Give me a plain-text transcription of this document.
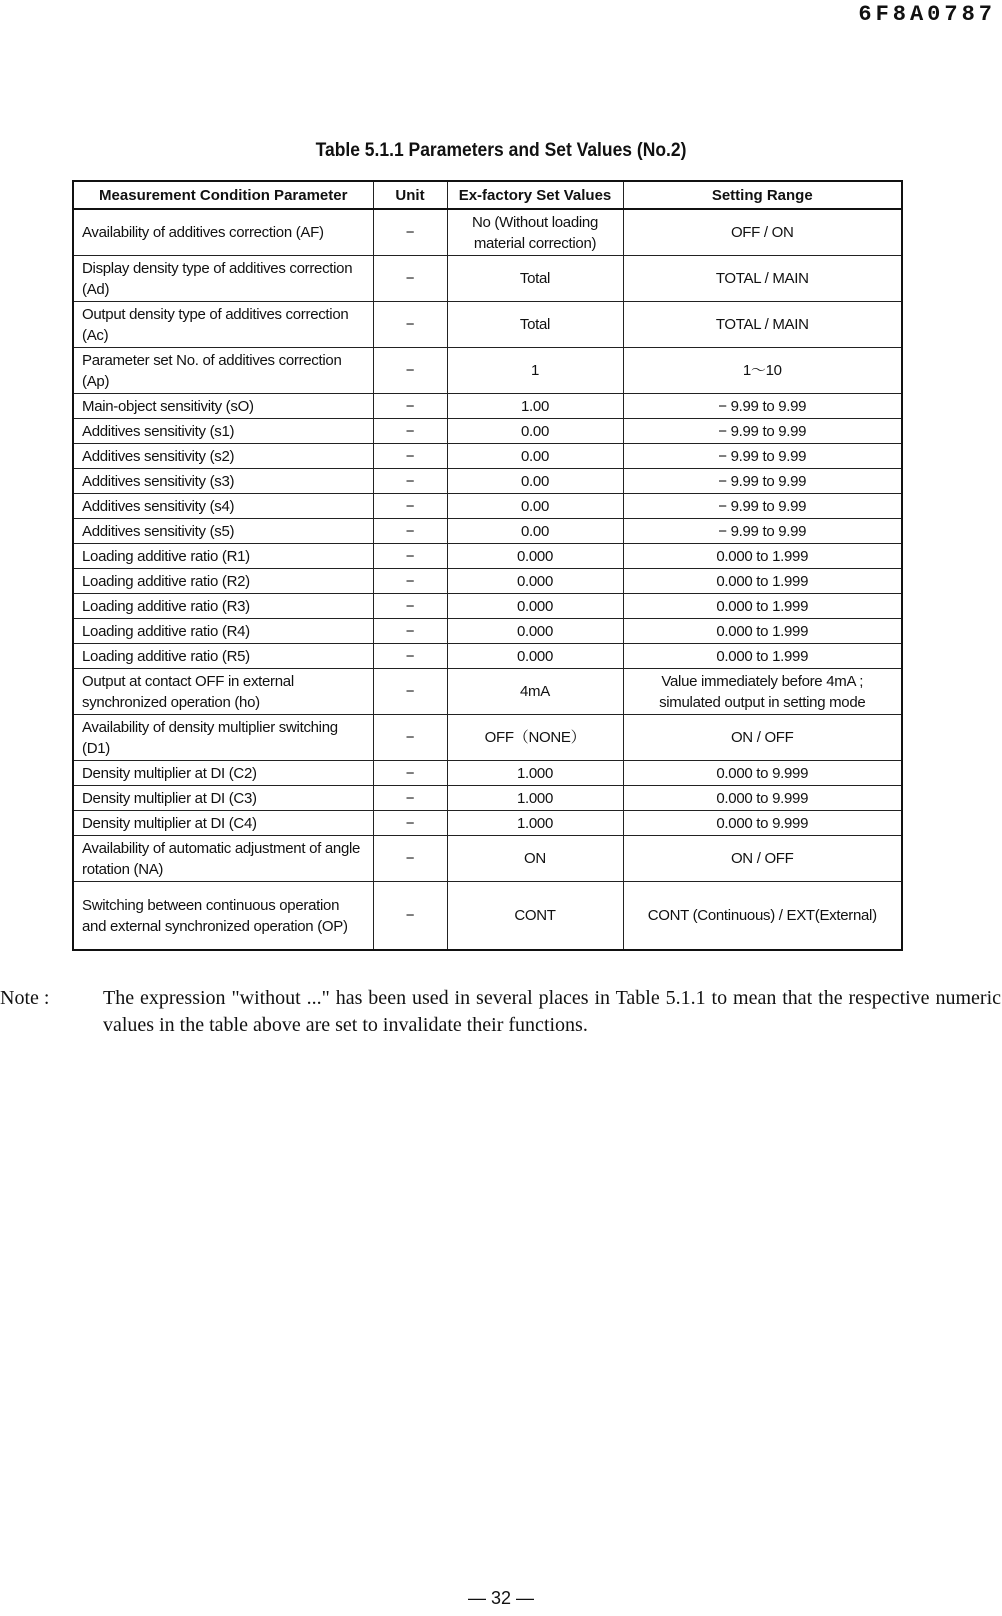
6F8A0787
Table 5.1.1 Parameters and Set Values (No.2)
Measurement Condition Parameter	Unit	Ex-factory Set Values	Setting Range
Availability of additives correction (AF)	−	No (Without loading material correction)	OFF / ON
Display density type of additives correction (Ad)	−	Total	TOTAL / MAIN
Output density type of additives correction (Ac)	−	Total	TOTAL / MAIN
Parameter set No. of additives correction (Ap)	−	1	1～10
Main-object sensitivity (sO)	−	1.00	− 9.99 to 9.99
Additives sensitivity (s1)	−	0.00	− 9.99 to 9.99
Additives sensitivity (s2)	−	0.00	− 9.99 to 9.99
Additives sensitivity (s3)	−	0.00	− 9.99 to 9.99
Additives sensitivity (s4)	−	0.00	− 9.99 to 9.99
Additives sensitivity (s5)	−	0.00	− 9.99 to 9.99
Loading additive ratio (R1)	−	0.000	0.000 to 1.999
Loading additive ratio (R2)	−	0.000	0.000 to 1.999
Loading additive ratio (R3)	−	0.000	0.000 to 1.999
Loading additive ratio (R4)	−	0.000	0.000 to 1.999
Loading additive ratio (R5)	−	0.000	0.000 to 1.999
Output at contact OFF in external synchronized operation (ho)	−	4mA	Value immediately before 4mA ; simulated output in setting mode
Availability of density multiplier switching (D1)	−	OFF（NONE）	ON / OFF
Density multiplier at DI (C2)	−	1.000	0.000 to 9.999
Density multiplier at DI (C3)	−	1.000	0.000 to 9.999
Density multiplier at DI (C4)	−	1.000	0.000 to 9.999
Availability of automatic adjustment of angle rotation (NA)	−	ON	ON / OFF
Switching between continuous operation and external synchronized operation (OP)	−	CONT	CONT (Continuous) / EXT(External)
Note :	The expression "without ..." has been used in several places in Table 5.1.1 to mean that the respective numeric values in the table above are set to invalidate their functions.
— 32 —
